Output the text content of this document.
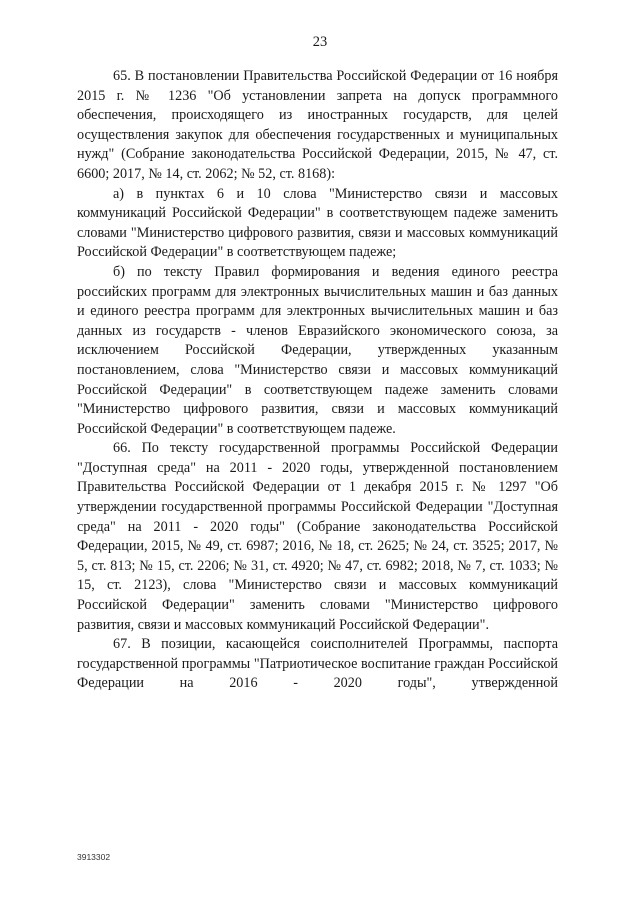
23

65. В постановлении Правительства Российской Федерации от 16 ноября 2015 г. № 1236 "Об установлении запрета на допуск программного обеспечения, происходящего из иностранных государств, для целей осуществления закупок для обеспечения государственных и муниципальных нужд" (Собрание законодательства Российской Федерации, 2015, № 47, ст. 6600; 2017, № 14, ст. 2062; № 52, ст. 8168):

а) в пунктах 6 и 10 слова "Министерство связи и массовых коммуникаций Российской Федерации" в соответствующем падеже заменить словами "Министерство цифрового развития, связи и массовых коммуникаций Российской Федерации" в соответствующем падеже;

б) по тексту Правил формирования и ведения единого реестра российских программ для электронных вычислительных машин и баз данных и единого реестра программ для электронных вычислительных машин и баз данных из государств - членов Евразийского экономического союза, за исключением Российской Федерации, утвержденных указанным постановлением, слова "Министерство связи и массовых коммуникаций Российской Федерации" в соответствующем падеже заменить словами "Министерство цифрового развития, связи и массовых коммуникаций Российской Федерации" в соответствующем падеже.

66. По тексту государственной программы Российской Федерации "Доступная среда" на 2011 - 2020 годы, утвержденной постановлением Правительства Российской Федерации от 1 декабря 2015 г. № 1297 "Об утверждении государственной программы Российской Федерации "Доступная среда" на 2011 - 2020 годы" (Собрание законодательства Российской Федерации, 2015, № 49, ст. 6987; 2016, № 18, ст. 2625; № 24, ст. 3525; 2017, № 5, ст. 813; № 15, ст. 2206; № 31, ст. 4920; № 47, ст. 6982; 2018, № 7, ст. 1033; № 15, ст. 2123), слова "Министерство связи и массовых коммуникаций Российской Федерации" заменить словами "Министерство цифрового развития, связи и массовых коммуникаций Российской Федерации".

67. В позиции, касающейся соисполнителей Программы, паспорта государственной программы "Патриотическое воспитание граждан Российской Федерации на 2016 - 2020 годы", утвержденной

3913302
